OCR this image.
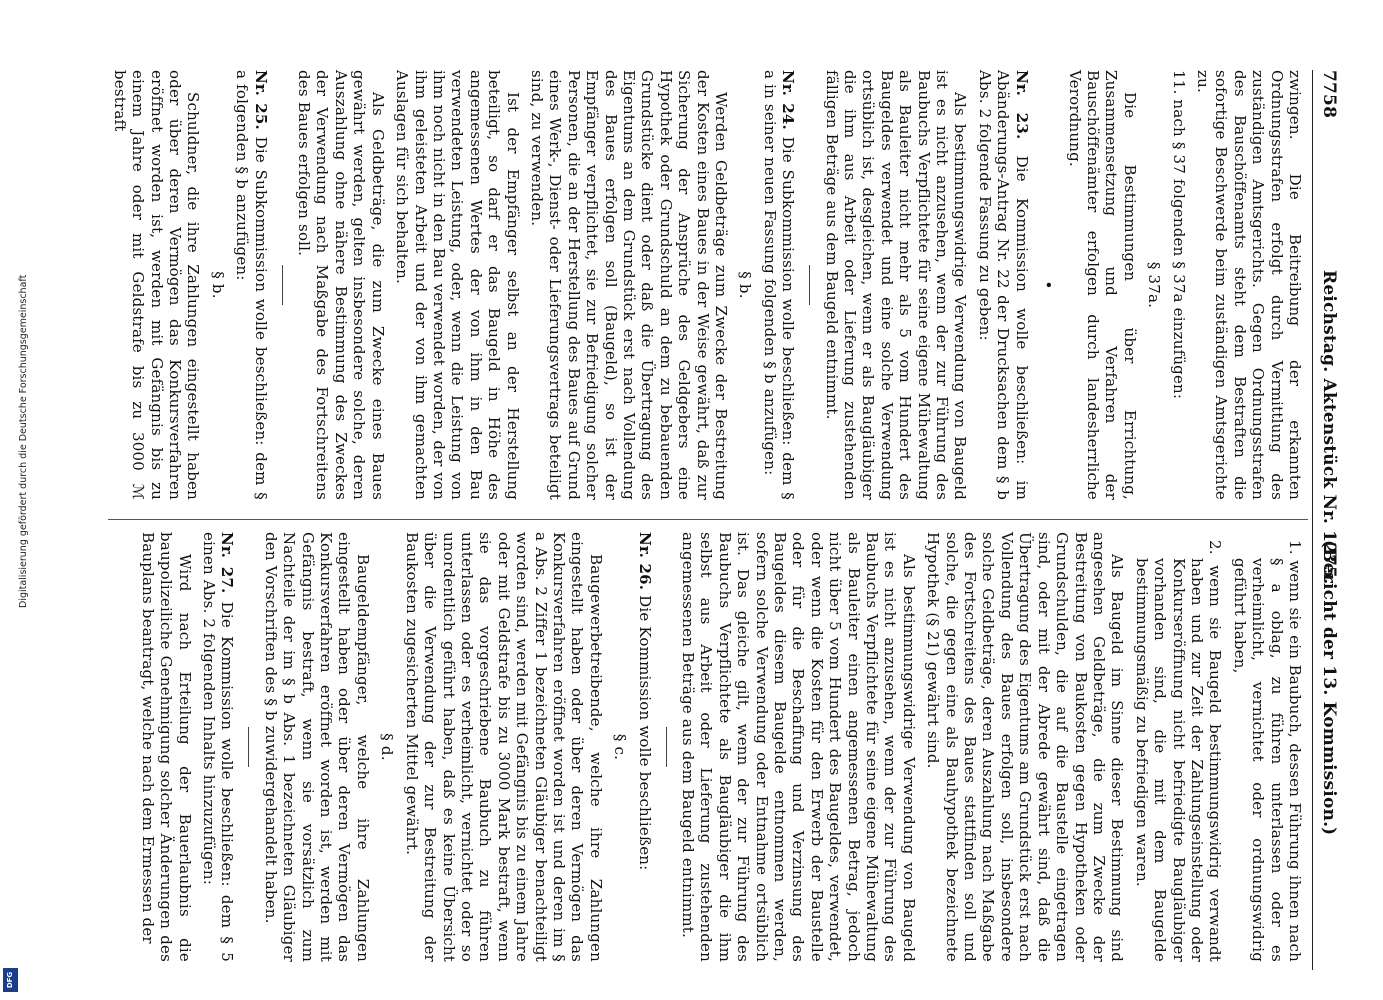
7758
Reichstag. Aktenstück Nr. 1275.
(Bericht der 13. Kommission.)

zwingen. Die Beitreibung der erkannten Ordnungsstrafen erfolgt durch Vermittlung des zuständigen Amtsgerichts. Gegen Ordnungsstrafen des Bauschöffenamts steht dem Bestraften die sofortige Beschwerde beim zuständigen Amtsgerichte zu.

11. nach § 37 folgenden § 37a einzufügen:

§ 37a.

Die Bestimmungen über Errichtung, Zusammensetzung und Verfahren der Bauschöffenämter erfolgen durch landesherrliche Verordnung.

•

Nr. 23. Die Kommission wolle beschließen: im Abänderungs-Antrag Nr. 22 der Drucksachen dem § b Abs. 2 folgende Fassung zu geben:

Als bestimmungswidrige Verwendung von Baugeld ist es nicht anzusehen, wenn der zur Führung des Baubuchs Verpflichtete für seine eigene Mühewaltung als Bauleiter nicht mehr als 5 vom Hundert des Baugeldes verwendet und eine solche Verwendung ortsüblich ist, desgleichen, wenn er als Baugläubiger die ihm aus Arbeit oder Lieferung zustehenden fälligen Beträge aus dem Baugeld entnimmt.

Nr. 24. Die Subkommission wolle beschließen: dem § a in seiner neuen Fassung folgenden § b anzufügen:

§ b.

Werden Geldbeträge zum Zwecke der Bestreitung der Kosten eines Baues in der Weise gewährt, daß zur Sicherung der Ansprüche des Geldgebers eine Hypothek oder Grundschuld an dem zu bebauenden Grundstücke dient oder daß die Übertragung des Eigentums an dem Grundstück erst nach Vollendung des Baues erfolgen soll (Baugeld), so ist der Empfänger verpflichtet, sie zur Befriedigung solcher Personen, die an der Herstellung des Baues auf Grund eines Werk-, Dienst- oder Lieferungsvertrags beteiligt sind, zu verwenden.

Ist der Empfänger selbst an der Herstellung beteiligt, so darf er das Baugeld in Höhe des angemessenen Wertes der von ihm in den Bau verwendeten Leistung, oder, wenn die Leistung von ihm noch nicht in den Bau verwendet worden, der von ihm geleisteten Arbeit und der von ihm gemachten Auslagen für sich behalten.

Als Geldbeträge, die zum Zwecke eines Baues gewährt werden, gelten insbesondere solche, deren Auszahlung ohne nähere Bestimmung des Zweckes der Verwendung nach Maßgabe des Fortschreitens des Baues erfolgen soll.

Nr. 25. Die Subkommission wolle beschließen: dem § a folgenden § b anzufügen:

§ b.

Schuldner, die ihre Zahlungen eingestellt haben oder über deren Vermögen das Konkursverfahren eröffnet worden ist, werden mit Gefängnis bis zu einem Jahre oder mit Geldstrafe bis zu 3000 ℳ bestraft

1. wenn sie ein Baubuch, dessen Führung ihnen nach § a oblag, zu führen unterlassen oder es verheimlicht, vernichtet oder ordnungswidrig geführt haben,

2. wenn sie Baugeld bestimmungswidrig verwandt haben und zur Zeit der Zahlungseinstellung oder Konkurseröffnung nicht befriedigte Baugläubiger vorhanden sind, die mit dem Baugelde bestimmungsmäßig zu befriedigen waren.

Als Baugeld im Sinne dieser Bestimmung sind angesehen Geldbeträge, die zum Zwecke der Bestreitung von Baukosten gegen Hypotheken oder Grundschulden, die auf die Baustelle eingetragen sind, oder mit der Abrede gewährt sind, daß die Übertragung des Eigentums am Grundstück erst nach Vollendung des Baues erfolgen soll, insbesondere solche Geldbeträge, deren Auszahlung nach Maßgabe des Fortschreitens des Baues stattfinden soll und solche, die gegen eine als Bauhypothek bezeichnete Hypothek (§ 21) gewährt sind.

Als bestimmungswidrige Verwendung von Baugeld ist es nicht anzusehen, wenn der zur Führung des Baubuchs Verpflichtete für seine eigene Mühewaltung als Bauleiter einen angemessenen Betrag, jedoch nicht über 5 vom Hundert des Baugeldes, verwendet, oder wenn die Kosten für den Erwerb der Baustelle oder für die Beschaffung und Verzinsung des Baugeldes diesem Baugelde entnommen werden, sofern solche Verwendung oder Entnahme ortsüblich ist. Das gleiche gilt, wenn der zur Führung des Baubuchs Verpflichtete als Baugläubiger die ihm selbst aus Arbeit oder Lieferung zustehenden angemessenen Beträge aus dem Baugeld entnimmt.

Nr. 26. Die Kommission wolle beschließen:

§ c.

Baugewerbetreibende, welche ihre Zahlungen eingestellt haben oder über deren Vermögen das Konkursverfahren eröffnet worden ist und deren im § a Abs. 2 Ziffer 1 bezeichneten Gläubiger benachteiligt worden sind, werden mit Gefängnis bis zu einem Jahre oder mit Geldstrafe bis zu 3000 Mark bestraft, wenn sie das vorgeschriebene Baubuch zu führen unterlassen oder es verheimlicht, vernichtet oder so unordentlich geführt haben, daß es keine Übersicht über die Verwendung der zur Bestreitung der Baukosten zugesicherten Mittel gewährt.

§ d.

Baugeldempfänger, welche ihre Zahlungen eingestellt haben oder über deren Vermögen das Konkursverfahren eröffnet worden ist, werden mit Gefängnis bestraft, wenn sie vorsätzlich zum Nachteile der im § b Abs. 1 bezeichneten Gläubiger den Vorschriften des § b zuwidergehandelt haben.

Nr. 27. Die Kommission wolle beschließen: dem § 5 einen Abs. 2 folgenden Inhalts hinzuzufügen:

Wird nach Erteilung der Bauerlaubnis die baupolizeiliche Genehmigung solcher Änderungen des Bauplans beantragt, welche nach dem Ermessen der

Digitalisierung gefördert durch die Deutsche Forschungsgemeinschaft
DFG
